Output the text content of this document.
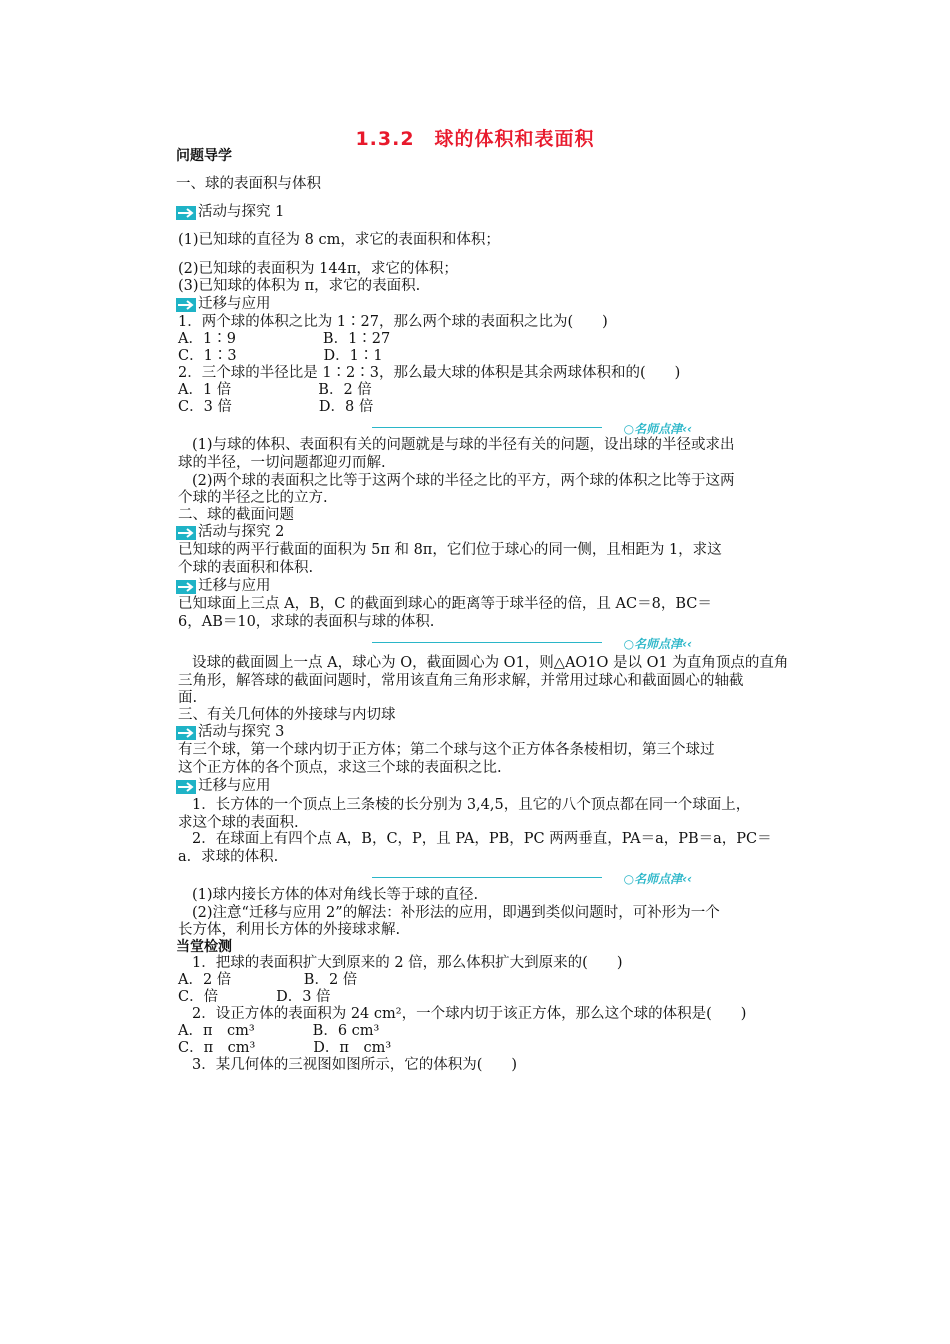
1.3.2　球的体积和表面积
问题导学
一、球的表面积与体积
活动与探究 1
(1)已知球的直径为 8 cm，求它的表面积和体积；
(2)已知球的表面积为 144π，求它的体积；
(3)已知球的体积为 π，求它的表面积.
迁移与应用
1．两个球的体积之比为 1∶27，那么两个球的表面积之比为(　　)
A．1∶9　　　　　　B．1∶27
C．1∶3　　　　　　D．1∶1
2．三个球的半径比是 1∶2∶3，那么最大球的体积是其余两球体积和的(　　)
A．1 倍　　　　　　B．2 倍
C．3 倍　　　　　　D．8 倍
○名师点津‹‹
(1)与球的体积、表面积有关的问题就是与球的半径有关的问题，设出球的半径或求出
球的半径，一切问题都迎刃而解.
(2)两个球的表面积之比等于这两个球的半径之比的平方，两个球的体积之比等于这两
个球的半径之比的立方.
二、球的截面问题
活动与探究 2
已知球的两平行截面的面积为 5π 和 8π，它们位于球心的同一侧，且相距为 1，求这
个球的表面积和体积.
迁移与应用
已知球面上三点 A，B，C 的截面到球心的距离等于球半径的倍，且 AC＝8，BC＝
6，AB＝10，求球的表面积与球的体积.
○名师点津‹‹
设球的截面圆上一点 A，球心为 O，截面圆心为 O1，则△AO1O 是以 O1 为直角顶点的直角
三角形，解答球的截面问题时，常用该直角三角形求解，并常用过球心和截面圆心的轴截
面.
三、有关几何体的外接球与内切球
活动与探究 3
有三个球，第一个球内切于正方体；第二个球与这个正方体各条棱相切，第三个球过
这个正方体的各个顶点，求这三个球的表面积之比.
迁移与应用
1．长方体的一个顶点上三条棱的长分别为 3,4,5，且它的八个顶点都在同一个球面上，
求这个球的表面积.
2．在球面上有四个点 A，B，C，P，且 PA，PB，PC 两两垂直，PA＝a，PB＝a，PC＝
a．求球的体积.
○名师点津‹‹
(1)球内接长方体的体对角线长等于球的直径.
(2)注意“迁移与应用 2”的解法：补形法的应用，即遇到类似问题时，可补形为一个
长方体，利用长方体的外接球求解.
当堂检测
1．把球的表面积扩大到原来的 2 倍，那么体积扩大到原来的(　　)
A．2 倍　　　　　B．2 倍
C．倍　　　　D．3 倍
2．设正方体的表面积为 24 cm²，一个球内切于该正方体，那么这个球的体积是(　　)
A．π　cm³　　　　B．6 cm³
C．π　cm³　　　　D．π　cm³
3．某几何体的三视图如图所示，它的体积为(　　)
